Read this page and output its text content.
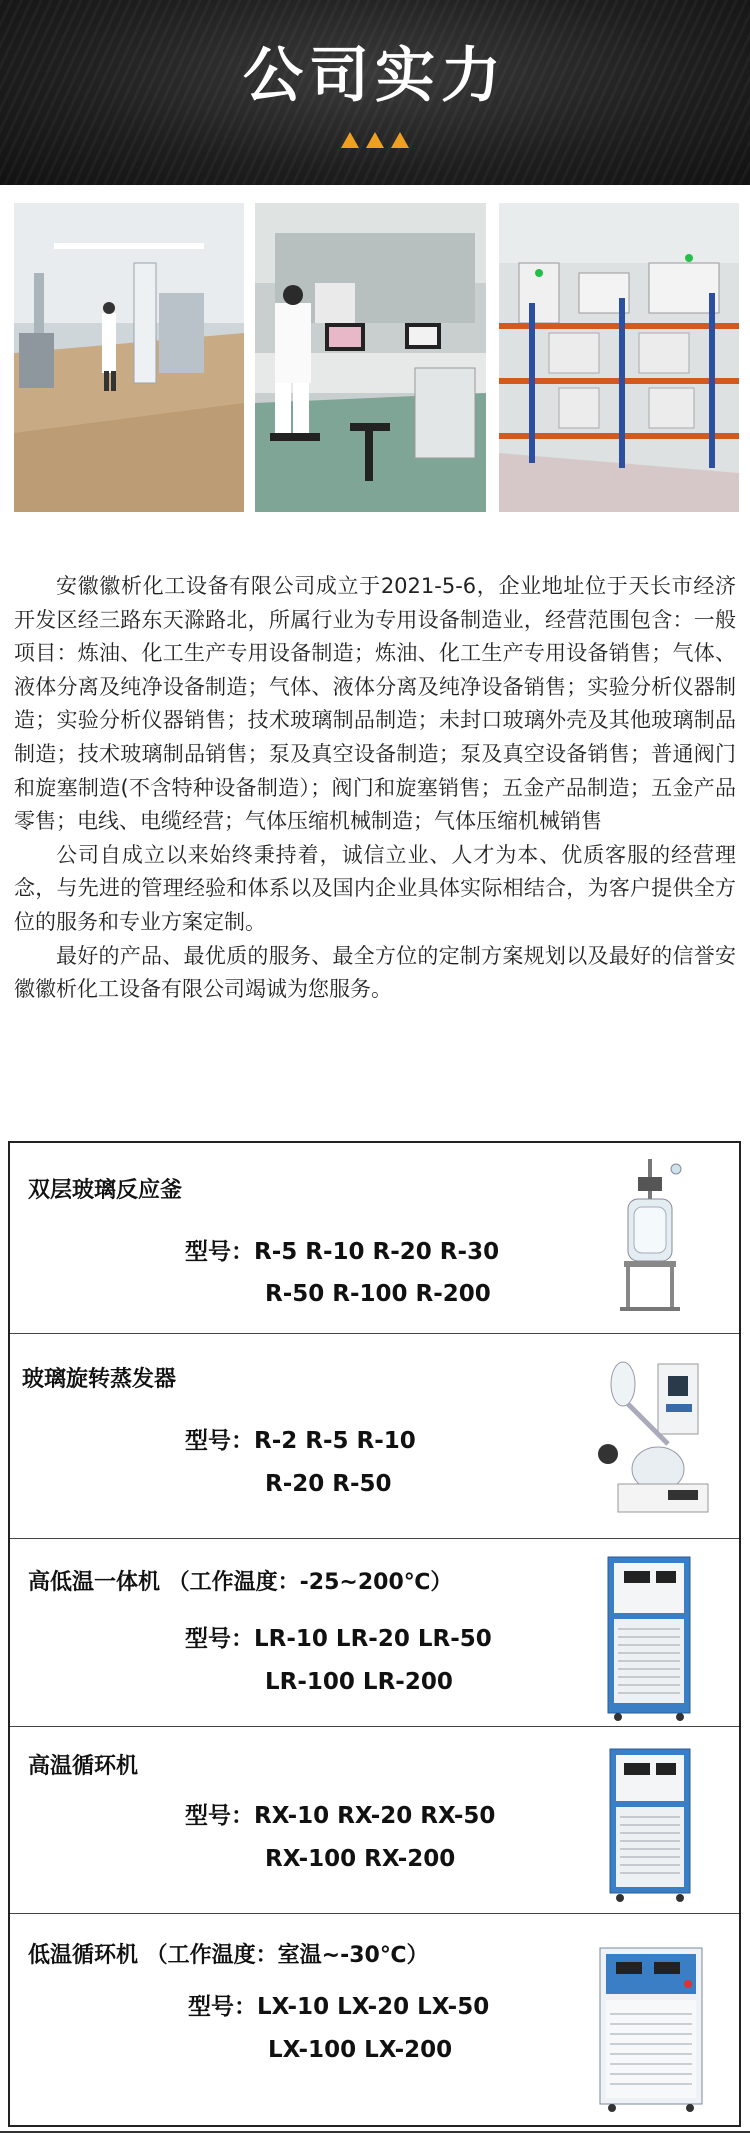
公司实力

安徽徽析化工设备有限公司成立于2021-5-6，企业地址位于天长市经济开发区经三路东天滁路北，所属行业为专用设备制造业，经营范围包含：一般项目：炼油、化工生产专用设备制造；炼油、化工生产专用设备销售；气体、液体分离及纯净设备制造；气体、液体分离及纯净设备销售；实验分析仪器制造；实验分析仪器销售；技术玻璃制品制造；未封口玻璃外壳及其他玻璃制品制造；技术玻璃制品销售；泵及真空设备制造；泵及真空设备销售；普通阀门和旋塞制造(不含特种设备制造）；阀门和旋塞销售；五金产品制造；五金产品零售；电线、电缆经营；气体压缩机械制造；气体压缩机械销售

公司自成立以来始终秉持着，诚信立业、人才为本、优质客服的经营理念，与先进的管理经验和体系以及国内企业具体实际相结合，为客户提供全方位的服务和专业方案定制。

最好的产品、最优质的服务、最全方位的定制方案规划以及最好的信誉安徽徽析化工设备有限公司竭诚为您服务。

双层玻璃反应釜
型号：R-5 R-10 R-20 R-30
R-50 R-100 R-200
玻璃旋转蒸发器
型号：R-2 R-5 R-10
R-20 R-50
高低温一体机 （工作温度：-25~200℃）
型号：LR-10 LR-20 LR-50
LR-100 LR-200
高温循环机
型号：RX-10 RX-20 RX-50
RX-100 RX-200
低温循环机 （工作温度：室温~-30℃）
型号：LX-10 LX-20 LX-50
LX-100 LX-200
